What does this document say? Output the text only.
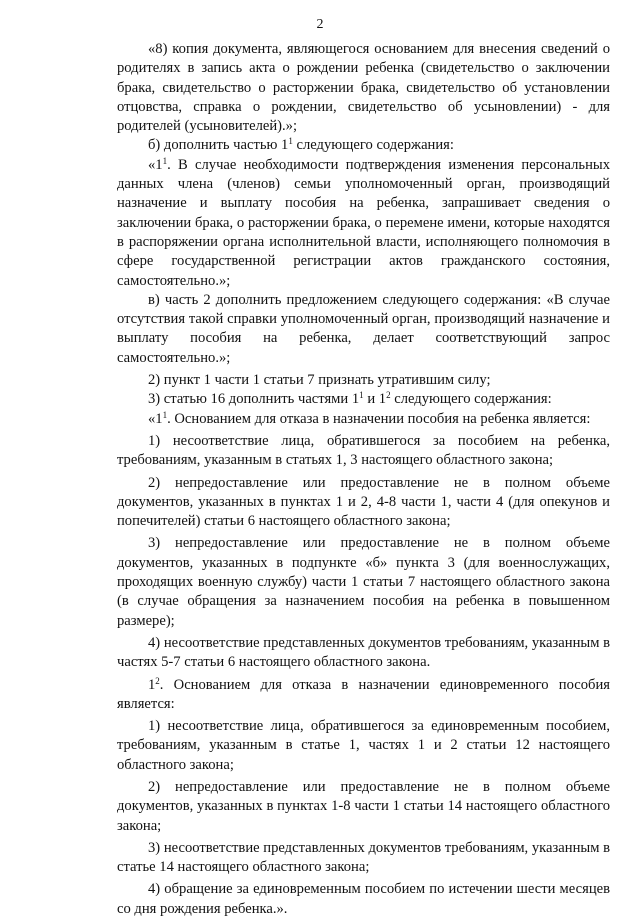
2

«8) копия документа, являющегося основанием для внесения сведений о родителях в запись акта о рождении ребенка (свидетельство о заключении брака, свидетельство о расторжении брака, свидетельство об установлении отцовства, справка о рождении, свидетельство об усыновлении) - для родителей (усыновителей).»;

б) дополнить частью $1^1$ следующего содержания:

«$1^1$. В случае необходимости подтверждения изменения персональных данных члена (членов) семьи уполномоченный орган, производящий назначение и выплату пособия на ребенка, запрашивает сведения о заключении брака, о расторжении брака, о перемене имени, которые находятся в распоряжении органа исполнительной власти, исполняющего полномочия в сфере государственной регистрации актов гражданского состояния, самостоятельно.»;

в) часть 2 дополнить предложением следующего содержания: «В случае отсутствия такой справки уполномоченный орган, производящий назначение и выплату пособия на ребенка, делает соответствующий запрос самостоятельно.»;

2) пункт 1 части 1 статьи 7 признать утратившим силу;

3) статью 16 дополнить частями $1^1$ и $1^2$ следующего содержания:

«$1^1$. Основанием для отказа в назначении пособия на ребенка является:

1) несоответствие лица, обратившегося за пособием на ребенка, требованиям, указанным в статьях 1, 3 настоящего областного закона;

2) непредоставление или предоставление не в полном объеме документов, указанных в пунктах 1 и 2, 4-8 части 1, части 4 (для опекунов и попечителей) статьи 6 настоящего областного закона;

3) непредоставление или предоставление не в полном объеме документов, указанных в подпункте «б» пункта 3 (для военнослужащих, проходящих военную службу) части 1 статьи 7 настоящего областного закона (в случае обращения за назначением пособия на ребенка в повышенном размере);

4) несоответствие представленных документов требованиям, указанным в частях 5-7 статьи 6 настоящего областного закона.

$1^2$. Основанием для отказа в назначении единовременного пособия является:

1) несоответствие лица, обратившегося за единовременным пособием, требованиям, указанным в статье 1, частях 1 и 2 статьи 12 настоящего областного закона;

2) непредоставление или предоставление не в полном объеме документов, указанных в пунктах 1-8 части 1 статьи 14 настоящего областного закона;

3) несоответствие представленных документов требованиям, указанным в статье 14 настоящего областного закона;

4) обращение за единовременным пособием по истечении шести месяцев со дня рождения ребенка.».
